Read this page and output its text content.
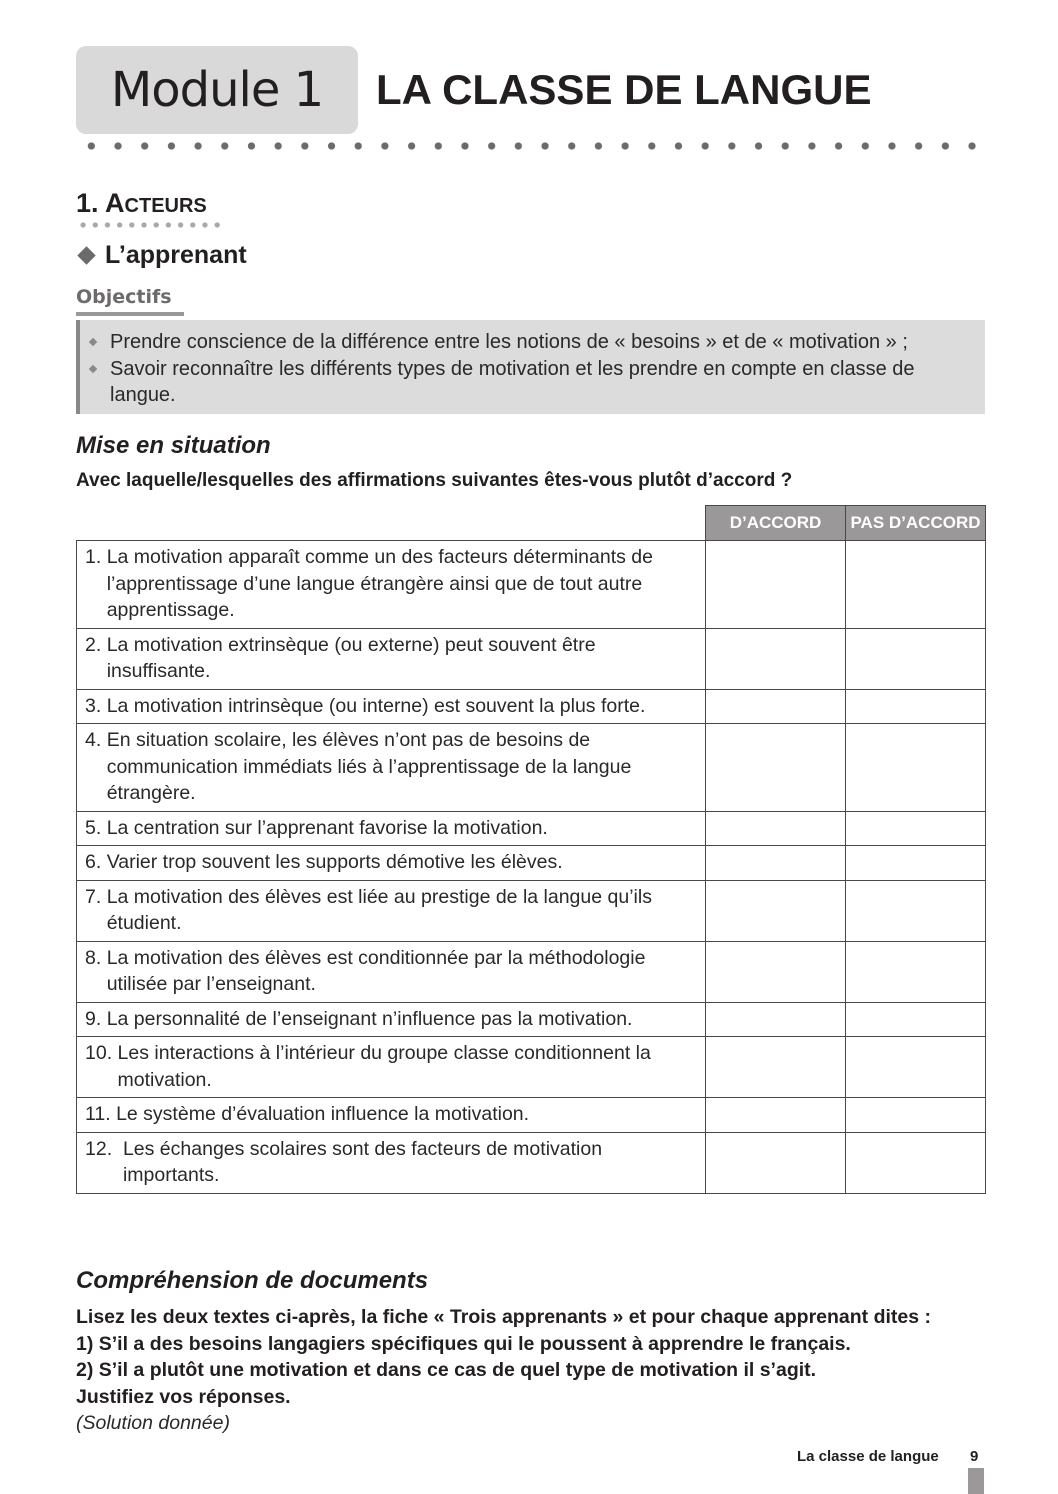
Module 1 LA CLASSE DE LANGUE
1. ACTEURS
L’apprenant
Objectifs
Prendre conscience de la différence entre les notions de « besoins » et de « motivation » ;
Savoir reconnaître les différents types de motivation et les prendre en compte en classe de langue.
Mise en situation
Avec laquelle/lesquelles des affirmations suivantes êtes-vous plutôt d’accord ?
	D’ACCORD	PAS D’ACCORD

1. La motivation apparaît comme un des facteurs déterminants de l’apprentissage d’une langue étrangère ainsi que de tout autre apprentissage.		

2. La motivation extrinsèque (ou externe) peut souvent être insuffisante.		

3. La motivation intrinsèque (ou interne) est souvent la plus forte.		

4. En situation scolaire, les élèves n’ont pas de besoins de communication immédiats liés à l’apprentissage de la langue étrangère.		

5. La centration sur l’apprenant favorise la motivation.		

6. Varier trop souvent les supports démotive les élèves.		

7. La motivation des élèves est liée au prestige de la langue qu’ils étudient.		

8. La motivation des élèves est conditionnée par la méthodologie utilisée par l’enseignant.		

9. La personnalité de l’enseignant n’influence pas la motivation.		

10. Les interactions à l’intérieur du groupe classe conditionnent la motivation.		

11. Le système d’évaluation influence la motivation.		

12. Les échanges scolaires sont des facteurs de motivation importants.		

Compréhension de documents
Lisez les deux textes ci-après, la fiche « Trois apprenants » et pour chaque apprenant dites :
1) S’il a des besoins langagiers spécifiques qui le poussent à apprendre le français.
2) S’il a plutôt une motivation et dans ce cas de quel type de motivation il s’agit.
Justifiez vos réponses.
(Solution donnée)
La classe de langue 9
